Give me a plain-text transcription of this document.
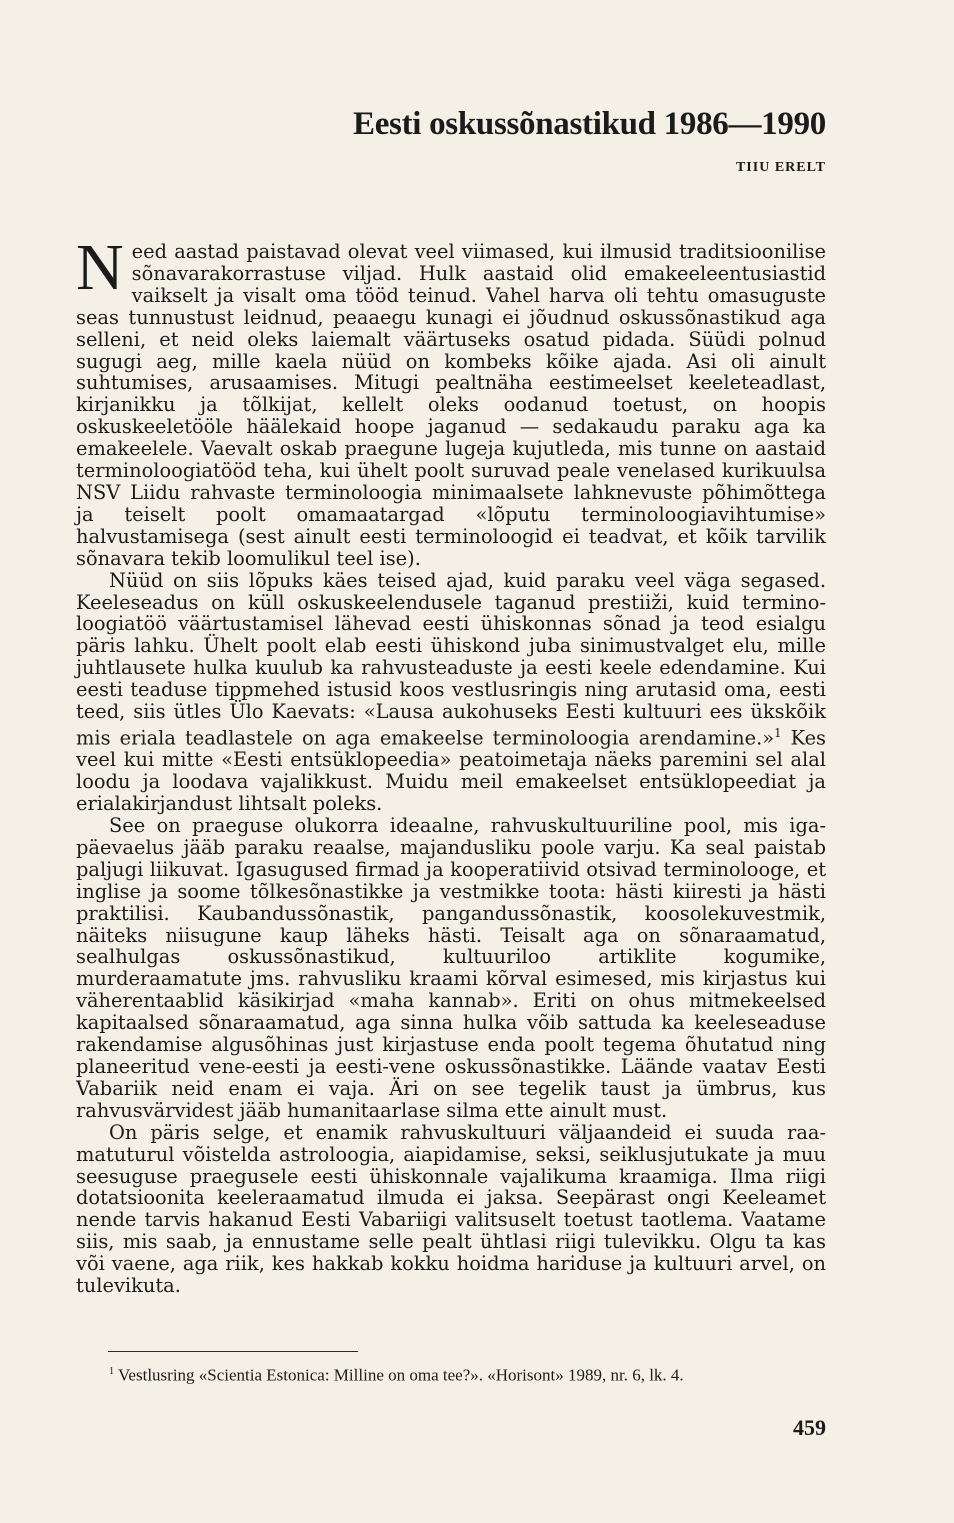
Eesti oskussõnastikud 1986—1990
TIIU ERELT

Need aastad paistavad olevat veel viimased, kui ilmusid traditsioonilise sõnavarakorrastuse viljad. Hulk aastaid olid emakeeleentusiastid vaikselt ja visalt oma tööd teinud. Vahel harva oli tehtu omasuguste seas tunnustust leidnud, peaaegu kunagi ei jõudnud oskussõnastikud aga selleni, et neid oleks laiemalt väärtuseks osatud pidada. Süüdi polnud sugugi aeg, mille kaela nüüd on kombeks kõike ajada. Asi oli ainult suhtumises, arusaamises. Mitugi pealtnäha eestimeelset keeleteadlast, kirjanikku ja tõlkijat, kellelt oleks oodanud toetust, on hoopis oskuskeeletööle häälekaid hoope jaganud — sedakaudu paraku aga ka emakeelele. Vaevalt oskab praegune lugeja kujutleda, mis tunne on aastaid terminoloogiatööd teha, kui ühelt poolt suruvad peale venelased kurikuulsa NSV Liidu rahvaste terminoloogia minimaalsete lahknevuste põhimõttega ja teiselt poolt omamaatargad «lõputu terminoloogiavihtumise» halvustamisega (sest ainult eesti terminoloogid ei teadvat, et kõik tarvilik sõnavara tekib loomulikul teel ise).

Nüüd on siis lõpuks käes teised ajad, kuid paraku veel väga segased. Keeleseadus on küll oskuskeelendusele taganud prestiiži, kuid terminoloogiatöö väärtustamisel lähevad eesti ühiskonnas sõnad ja teod esialgu päris lahku. Ühelt poolt elab eesti ühiskond juba sinimustvalget elu, mille juhtlausete hulka kuulub ka rahvusteaduste ja eesti keele edendamine. Kui eesti teaduse tippmehed istusid koos vestlusringis ning arutasid oma, eesti teed, siis ütles Ülo Kaevats: «Lausa aukohuseks Eesti kultuuri ees ükskõik mis eriala teadlastele on aga emakeelse terminoloogia arendamine.»$^1$ Kes veel kui mitte «Eesti entsüklopeedia» peatoimetaja näeks paremini sel alal loodu ja loodava vajalikkust. Muidu meil emakeelset entsüklopeediat ja erialakirjandust lihtsalt poleks.

See on praeguse olukorra ideaalne, rahvuskultuuriline pool, mis igapäevaelus jääb paraku reaalse, majandusliku poole varju. Ka seal paistab paljugi liikuvat. Igasugused firmad ja kooperatiivid otsivad terminolooge, et inglise ja soome tõlkesõnastikke ja vestmikke toota: hästi kiiresti ja hästi praktilisi. Kaubandussõnastik, pangandussõnastik, koosolekuvestmik, näiteks niisugune kaup läheks hästi. Teisalt aga on sõnaraamatud, sealhulgas oskussõnastikud, kultuuriloo artiklite kogumike, murderaamatute jms. rahvusliku kraami kõrval esimesed, mis kirjastus kui väherentaablid käsikirjad «maha kannab». Eriti on ohus mitmekeelsed kapitaalsed sõnaraamatud, aga sinna hulka võib sattuda ka keeleseaduse rakendamise algusõhinas just kirjastuse enda poolt tegema õhutatud ning planeeritud vene-eesti ja eesti-vene oskussõnastikke. Läände vaatav Eesti Vabariik neid enam ei vaja. Äri on see tegelik taust ja ümbrus, kus rahvusvärvidest jääb humanitaarlase silma ette ainult must.

On päris selge, et enamik rahvuskultuuri väljaandeid ei suuda raamatuturul võistelda astroloogia, aiapidamise, seksi, seiklusjutukate ja muu seesuguse praegusele eesti ühiskonnale vajalikuma kraamiga. Ilma riigi dotatsioonita keeleraamatud ilmuda ei jaksa. Seepärast ongi Keeleamet nende tarvis hakanud Eesti Vabariigi valitsuselt toetust taotlema. Vaatame siis, mis saab, ja ennustame selle pealt ühtlasi riigi tulevikku. Olgu ta kas või vaene, aga riik, kes hakkab kokku hoidma hariduse ja kultuuri arvel, on tulevikuta.

$^1$ Vestlusring «Scientia Estonica: Milline on oma tee?». «Horisont» 1989, nr. 6, lk. 4.
459
